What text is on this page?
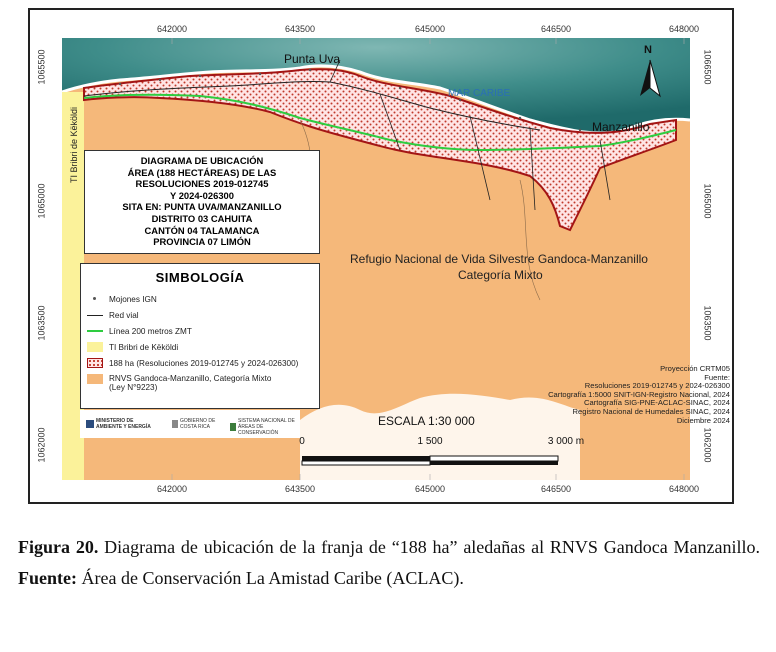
642000	643500	645000	646500	648000
642000	643500	645000	646500	648000
1065500
1065000
1063500
1062000
1066500
1065000
1063500
1062000
Punta Uva
MAR CARIBE
Manzanillo
Refugio Nacional de Vida Silvestre Gandoca-Manzanillo
Categoría Mixto
TI Bribri de Këköldi
N
DIAGRAMA DE UBICACIÓN
ÁREA (188 HECTÁREAS) DE LAS
RESOLUCIONES 2019-012745
Y 2024-026300
SITA EN: PUNTA UVA/MANZANILLO
DISTRITO 03 CAHUITA
CANTÓN 04 TALAMANCA
PROVINCIA 07 LIMÓN
SIMBOLOGÍA
Mojones IGN
Red vial
Línea 200 metros ZMT
TI Bribri de Këköldi
188 ha (Resoluciones 2019-012745 y 2024-026300)
RNVS Gandoca-Manzanillo, Categoría Mixto
(Ley N°9223)
MINISTERIO DE AMBIENTE Y ENERGÍA
GOBIERNO DE COSTA RICA
SISTEMA NACIONAL DE ÁREAS DE CONSERVACIÓN
Proyección CRTM05
Fuente:
Resoluciones 2019-012745 y 2024-026300
Cartografía 1:5000 SNIT-IGN-Registro Nacional, 2024
Cartografía SIG-PNE-ACLAC-SINAC, 2024
Registro Nacional de Humedales SINAC, 2024
Diciembre 2024
ESCALA 1:30 000
0	1 500	3 000 m
Figura 20. Diagrama de ubicación de la franja de “188 ha” aledañas al RNVS Gandoca Manzanillo. Fuente: Área de Conservación La Amistad Caribe (ACLAC).
